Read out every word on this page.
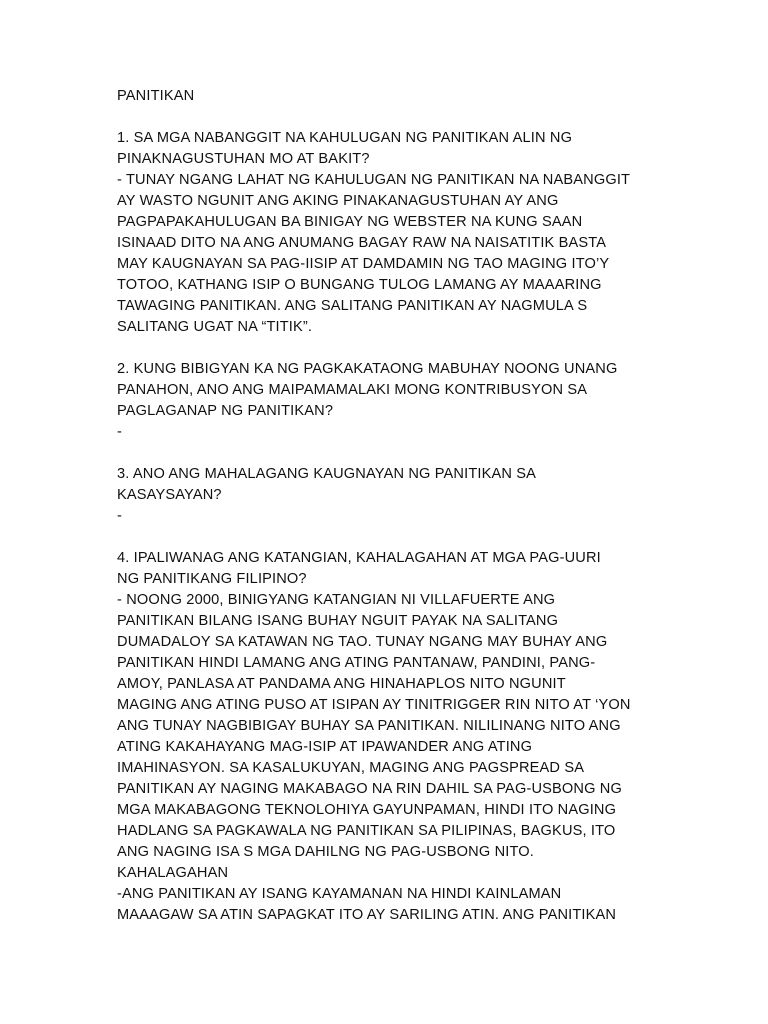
PANITIKAN
1. SA MGA NABANGGIT NA KAHULUGAN NG PANITIKAN ALIN NG
PINAKNAGUSTUHAN MO AT BAKIT?
- TUNAY NGANG LAHAT NG KAHULUGAN NG PANITIKAN NA NABANGGIT
AY WASTO NGUNIT ANG AKING PINAKANAGUSTUHAN AY ANG
PAGPAPAKAHULUGAN BA BINIGAY NG WEBSTER NA KUNG SAAN
ISINAAD DITO NA ANG ANUMANG BAGAY RAW NA NAISATITIK BASTA
MAY KAUGNAYAN SA PAG-IISIP AT DAMDAMIN NG TAO MAGING ITO’Y
TOTOO, KATHANG ISIP O BUNGANG TULOG LAMANG AY MAAARING
TAWAGING PANITIKAN. ANG SALITANG PANITIKAN AY NAGMULA S
SALITANG UGAT NA “TITIK”.
2. KUNG BIBIGYAN KA NG PAGKAKATAONG MABUHAY NOONG UNANG
PANAHON, ANO ANG MAIPAMAMALAKI MONG KONTRIBUSYON SA
PAGLAGANAP NG PANITIKAN?
-
3. ANO ANG MAHALAGANG KAUGNAYAN NG PANITIKAN SA
KASAYSAYAN?
-
4. IPALIWANAG ANG KATANGIAN, KAHALAGAHAN AT MGA PAG-UURI
NG PANITIKANG FILIPINO?
- NOONG 2000, BINIGYANG KATANGIAN NI VILLAFUERTE ANG
PANITIKAN BILANG ISANG BUHAY NGUIT PAYAK NA SALITANG
DUMADALOY SA KATAWAN NG TAO. TUNAY NGANG MAY BUHAY ANG
PANITIKAN HINDI LAMANG ANG ATING PANTANAW, PANDINI, PANG-
AMOY, PANLASA AT PANDAMA ANG HINAHAPLOS NITO NGUNIT
MAGING ANG ATING PUSO AT ISIPAN AY TINITRIGGER RIN NITO AT ‘YON
ANG TUNAY NAGBIBIGAY BUHAY SA PANITIKAN. NILILINANG NITO ANG
ATING KAKAHAYANG MAG-ISIP AT IPAWANDER ANG ATING
IMAHINASYON. SA KASALUKUYAN, MAGING ANG PAGSPREAD SA
PANITIKAN AY NAGING MAKABAGO NA RIN DAHIL SA PAG-USBONG NG
MGA MAKABAGONG TEKNOLOHIYA GAYUNPAMAN, HINDI ITO NAGING
HADLANG SA PAGKAWALA NG PANITIKAN SA PILIPINAS, BAGKUS, ITO
ANG NAGING ISA S MGA DAHILNG NG PAG-USBONG NITO.
KAHALAGAHAN
-ANG PANITIKAN AY ISANG KAYAMANAN NA HINDI KAINLAMAN
MAAAGAW SA ATIN SAPAGKAT ITO AY SARILING ATIN. ANG PANITIKAN
